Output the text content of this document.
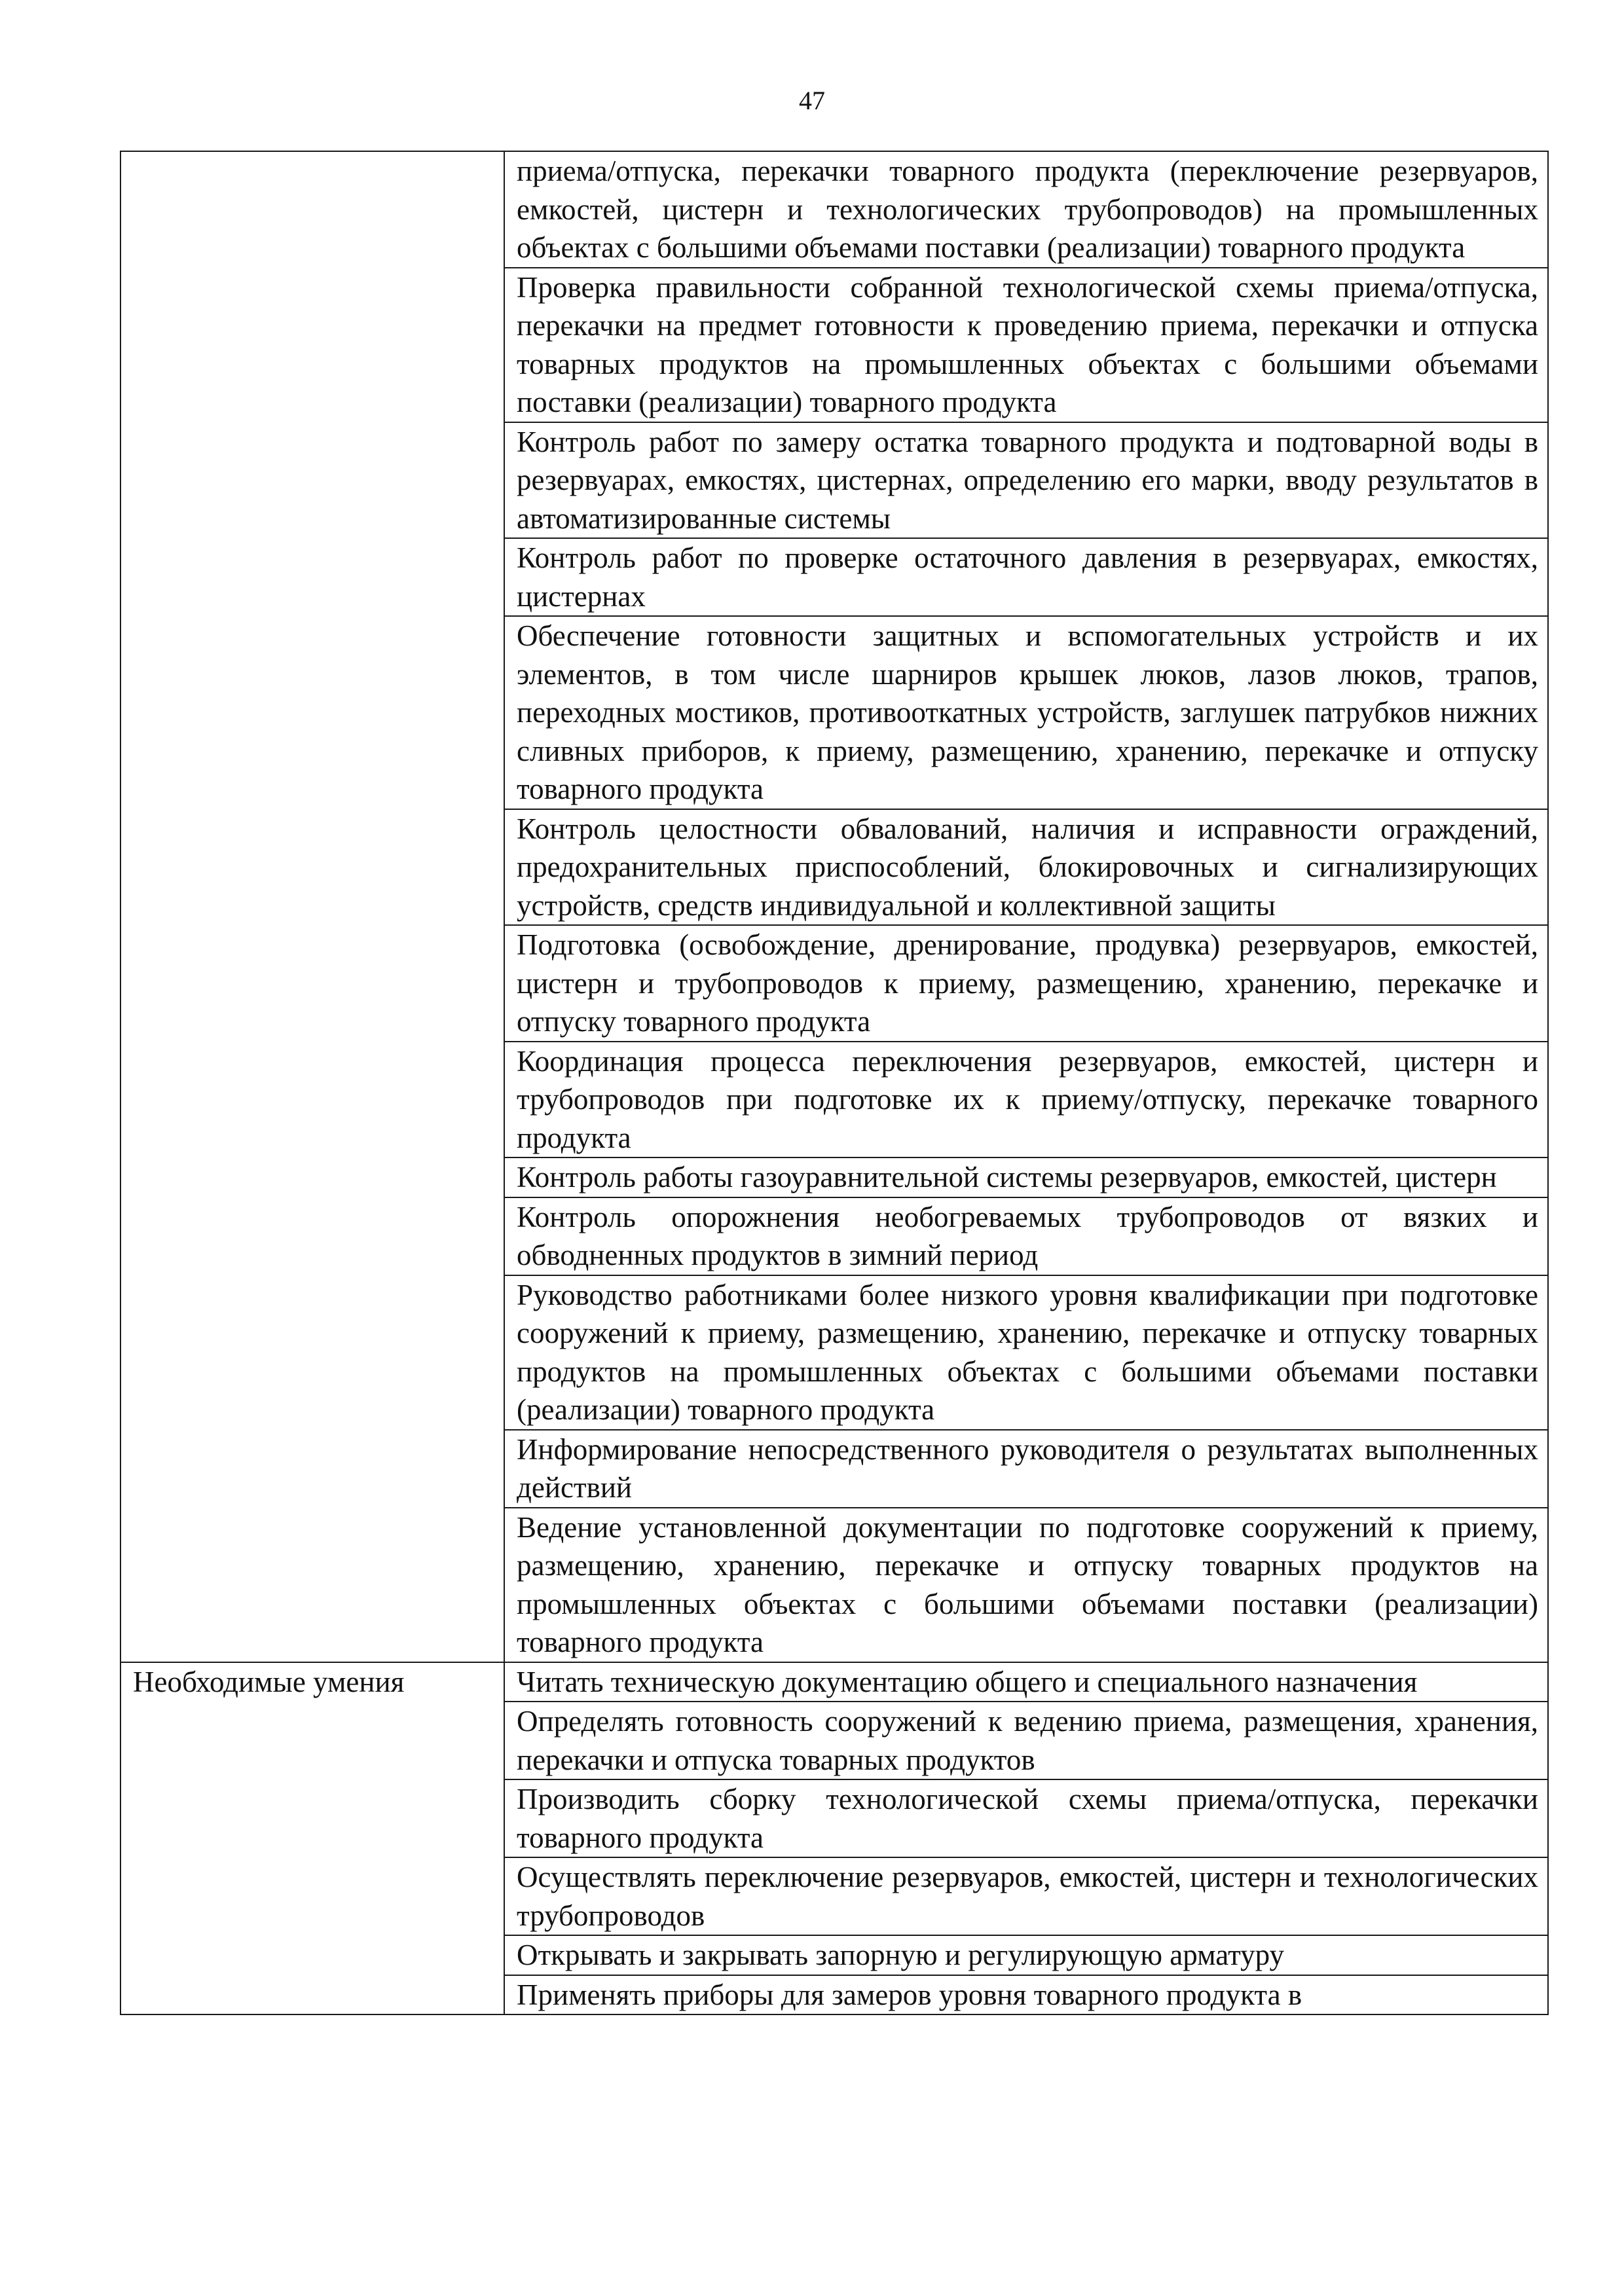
47
	приема/отпуска, перекачки товарного продукта (переключение резервуаров, емкостей, цистерн и технологических трубопроводов) на промышленных объектах с большими объемами поставки (реализации) товарного продукта
	Проверка правильности собранной технологической схемы приема/отпуска, перекачки на предмет готовности к проведению приема, перекачки и отпуска товарных продуктов на промышленных объектах с большими объемами поставки (реализации) товарного продукта
	Контроль работ по замеру остатка товарного продукта и подтоварной воды в резервуарах, емкостях, цистернах, определению его марки, вводу результатов в автоматизированные системы
	Контроль работ по проверке остаточного давления в резервуарах, емкостях, цистернах
	Обеспечение готовности защитных и вспомогательных устройств и их элементов, в том числе шарниров крышек люков, лазов люков, трапов, переходных мостиков, противооткатных устройств, заглушек патрубков нижних сливных приборов, к приему, размещению, хранению, перекачке и отпуску товарного продукта
	Контроль целостности обвалований, наличия и исправности ограждений, предохранительных приспособлений, блокировочных и сигнализирующих устройств, средств индивидуальной и коллективной защиты
	Подготовка (освобождение, дренирование, продувка) резервуаров, емкостей, цистерн и трубопроводов к приему, размещению, хранению, перекачке и отпуску товарного продукта
	Координация процесса переключения резервуаров, емкостей, цистерн и трубопроводов при подготовке их к приему/отпуску, перекачке товарного продукта
	Контроль работы газоуравнительной системы резервуаров, емкостей, цистерн
	Контроль опорожнения необогреваемых трубопроводов от вязких и обводненных продуктов в зимний период
	Руководство работниками более низкого уровня квалификации при подготовке сооружений к приему, размещению, хранению, перекачке и отпуску товарных продуктов на промышленных объектах с большими объемами поставки (реализации) товарного продукта
	Информирование непосредственного руководителя о результатах выполненных действий
	Ведение установленной документации по подготовке сооружений к приему, размещению, хранению, перекачке и отпуску товарных продуктов на промышленных объектах с большими объемами поставки (реализации) товарного продукта
Необходимые умения	Читать техническую документацию общего и специального назначения
	Определять готовность сооружений к ведению приема, размещения, хранения, перекачки и отпуска товарных продуктов
	Производить сборку технологической схемы приема/отпуска, перекачки товарного продукта
	Осуществлять переключение резервуаров, емкостей, цистерн и технологических трубопроводов
	Открывать и закрывать запорную и регулирующую арматуру
	Применять приборы для замеров уровня товарного продукта в
